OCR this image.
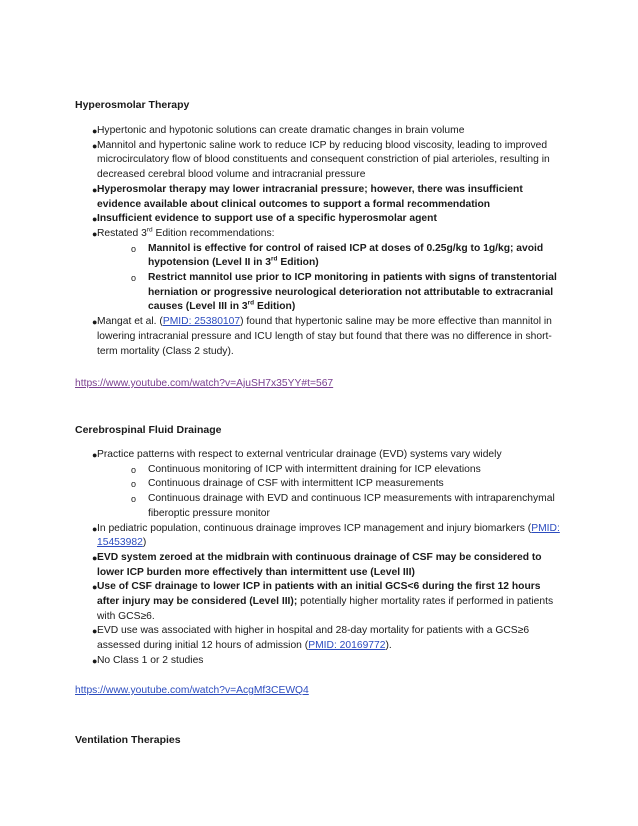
Hyperosmolar Therapy
● Hypertonic and hypotonic solutions can create dramatic changes in brain volume
● Mannitol and hypertonic saline work to reduce ICP by reducing blood viscosity, leading to improved microcirculatory flow of blood constituents and consequent constriction of pial arterioles, resulting in decreased cerebral blood volume and intracranial pressure
● Hyperosmolar therapy may lower intracranial pressure; however, there was insufficient evidence available about clinical outcomes to support a formal recommendation
● Insufficient evidence to support use of a specific hyperosmolar agent
● Restated 3rd Edition recommendations:
o Mannitol is effective for control of raised ICP at doses of 0.25g/kg to 1g/kg; avoid hypotension (Level II in 3rd Edition)
o Restrict mannitol use prior to ICP monitoring in patients with signs of transtentorial herniation or progressive neurological deterioration not attributable to extracranial causes (Level III in 3rd Edition)
● Mangat et al. (PMID: 25380107) found that hypertonic saline may be more effective than mannitol in lowering intracranial pressure and ICU length of stay but found that there was no difference in short-term mortality (Class 2 study).
https://www.youtube.com/watch?v=AjuSH7x35YY#t=567
Cerebrospinal Fluid Drainage
● Practice patterns with respect to external ventricular drainage (EVD) systems vary widely
o Continuous monitoring of ICP with intermittent draining for ICP elevations
o Continuous drainage of CSF with intermittent ICP measurements
o Continuous drainage with EVD and continuous ICP measurements with intraparenchymal fiberoptic pressure monitor
● In pediatric population, continuous drainage improves ICP management and injury biomarkers (PMID: 15453982)
● EVD system zeroed at the midbrain with continuous drainage of CSF may be considered to lower ICP burden more effectively than intermittent use (Level III)
● Use of CSF drainage to lower ICP in patients with an initial GCS<6 during the first 12 hours after injury may be considered (Level III); potentially higher mortality rates if performed in patients with GCS≥6.
● EVD use was associated with higher in hospital and 28-day mortality for patients with a GCS≥6 assessed during initial 12 hours of admission (PMID: 20169772).
● No Class 1 or 2 studies
https://www.youtube.com/watch?v=AcgMf3CEWQ4
Ventilation Therapies
